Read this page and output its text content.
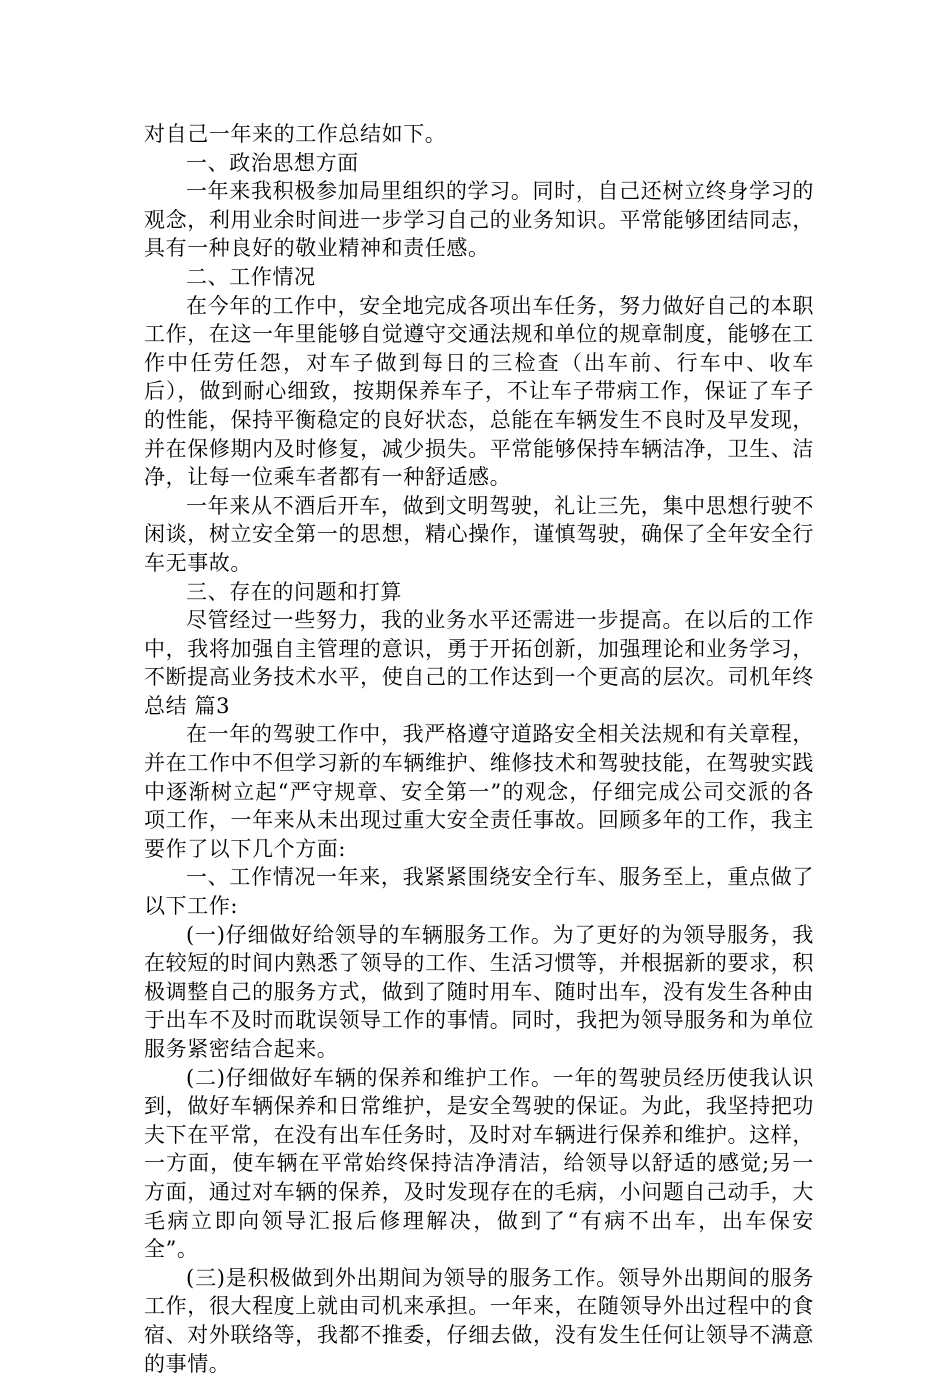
对自己一年来的工作总结如下。

一、政治思想方面

一年来我积极参加局里组织的学习。同时，自己还树立终身学习的观念，利用业余时间进一步学习自己的业务知识。平常能够团结同志，具有一种良好的敬业精神和责任感。

二、工作情况

在今年的工作中，安全地完成各项出车任务，努力做好自己的本职工作，在这一年里能够自觉遵守交通法规和单位的规章制度，能够在工作中任劳任怨，对车子做到每日的三检查（出车前、行车中、收车后），做到耐心细致，按期保养车子，不让车子带病工作，保证了车子的性能，保持平衡稳定的良好状态，总能在车辆发生不良时及早发现，并在保修期内及时修复，减少损失。平常能够保持车辆洁净，卫生、洁净，让每一位乘车者都有一种舒适感。

一年来从不酒后开车，做到文明驾驶，礼让三先，集中思想行驶不闲谈，树立安全第一的思想，精心操作，谨慎驾驶，确保了全年安全行车无事故。

三、存在的问题和打算

尽管经过一些努力，我的业务水平还需进一步提高。在以后的工作中，我将加强自主管理的意识，勇于开拓创新，加强理论和业务学习，不断提高业务技术水平，使自己的工作达到一个更高的层次。司机年终总结 篇3

在一年的驾驶工作中，我严格遵守道路安全相关法规和有关章程，并在工作中不但学习新的车辆维护、维修技术和驾驶技能，在驾驶实践中逐渐树立起“严守规章、安全第一”的观念，仔细完成公司交派的各项工作，一年来从未出现过重大安全责任事故。回顾多年的工作，我主要作了以下几个方面:

一、工作情况一年来，我紧紧围绕安全行车、服务至上，重点做了以下工作:

(一)仔细做好给领导的车辆服务工作。为了更好的为领导服务，我在较短的时间内熟悉了领导的工作、生活习惯等，并根据新的要求，积极调整自己的服务方式，做到了随时用车、随时出车，没有发生各种由于出车不及时而耽误领导工作的事情。同时，我把为领导服务和为单位服务紧密结合起来。

(二)仔细做好车辆的保养和维护工作。一年的驾驶员经历使我认识到，做好车辆保养和日常维护，是安全驾驶的保证。为此，我坚持把功夫下在平常，在没有出车任务时，及时对车辆进行保养和维护。这样，一方面，使车辆在平常始终保持洁净清洁，给领导以舒适的感觉;另一方面，通过对车辆的保养，及时发现存在的毛病，小问题自己动手，大毛病立即向领导汇报后修理解决，做到了“有病不出车，出车保安全”。

(三)是积极做到外出期间为领导的服务工作。领导外出期间的服务工作，很大程度上就由司机来承担。一年来，在随领导外出过程中的食宿、对外联络等，我都不推委，仔细去做，没有发生任何让领导不满意的事情。
